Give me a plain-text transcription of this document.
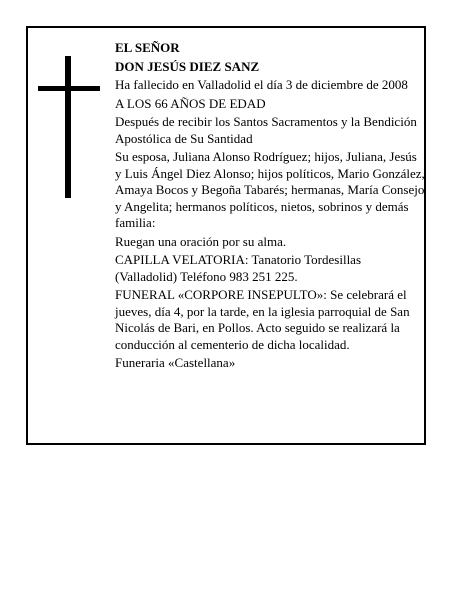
EL SEÑOR

DON JESÚS DIEZ SANZ

Ha fallecido en Valladolid el día 3 de diciembre de 2008

A LOS 66 AÑOS DE EDAD

Después de recibir los Santos Sacramentos y la Bendición Apostólica de Su Santidad

Su esposa, Juliana Alonso Rodríguez; hijos, Juliana, Jesús y Luis Ángel Diez Alonso; hijos políticos, Mario González, Amaya Bocos y Begoña Tabarés; hermanas, María Consejo y Angelita; hermanos políticos, nietos, sobrinos y demás familia:

Ruegan una oración por su alma.

CAPILLA VELATORIA: Tanatorio Tordesillas (Valladolid) Teléfono 983 251 225.

FUNERAL «CORPORE INSEPULTO»: Se celebrará el jueves, día 4, por la tarde, en la iglesia parroquial de San Nicolás de Bari, en Pollos. Acto seguido se realizará la conducción al cementerio de dicha localidad.

Funeraria «Castellana»
